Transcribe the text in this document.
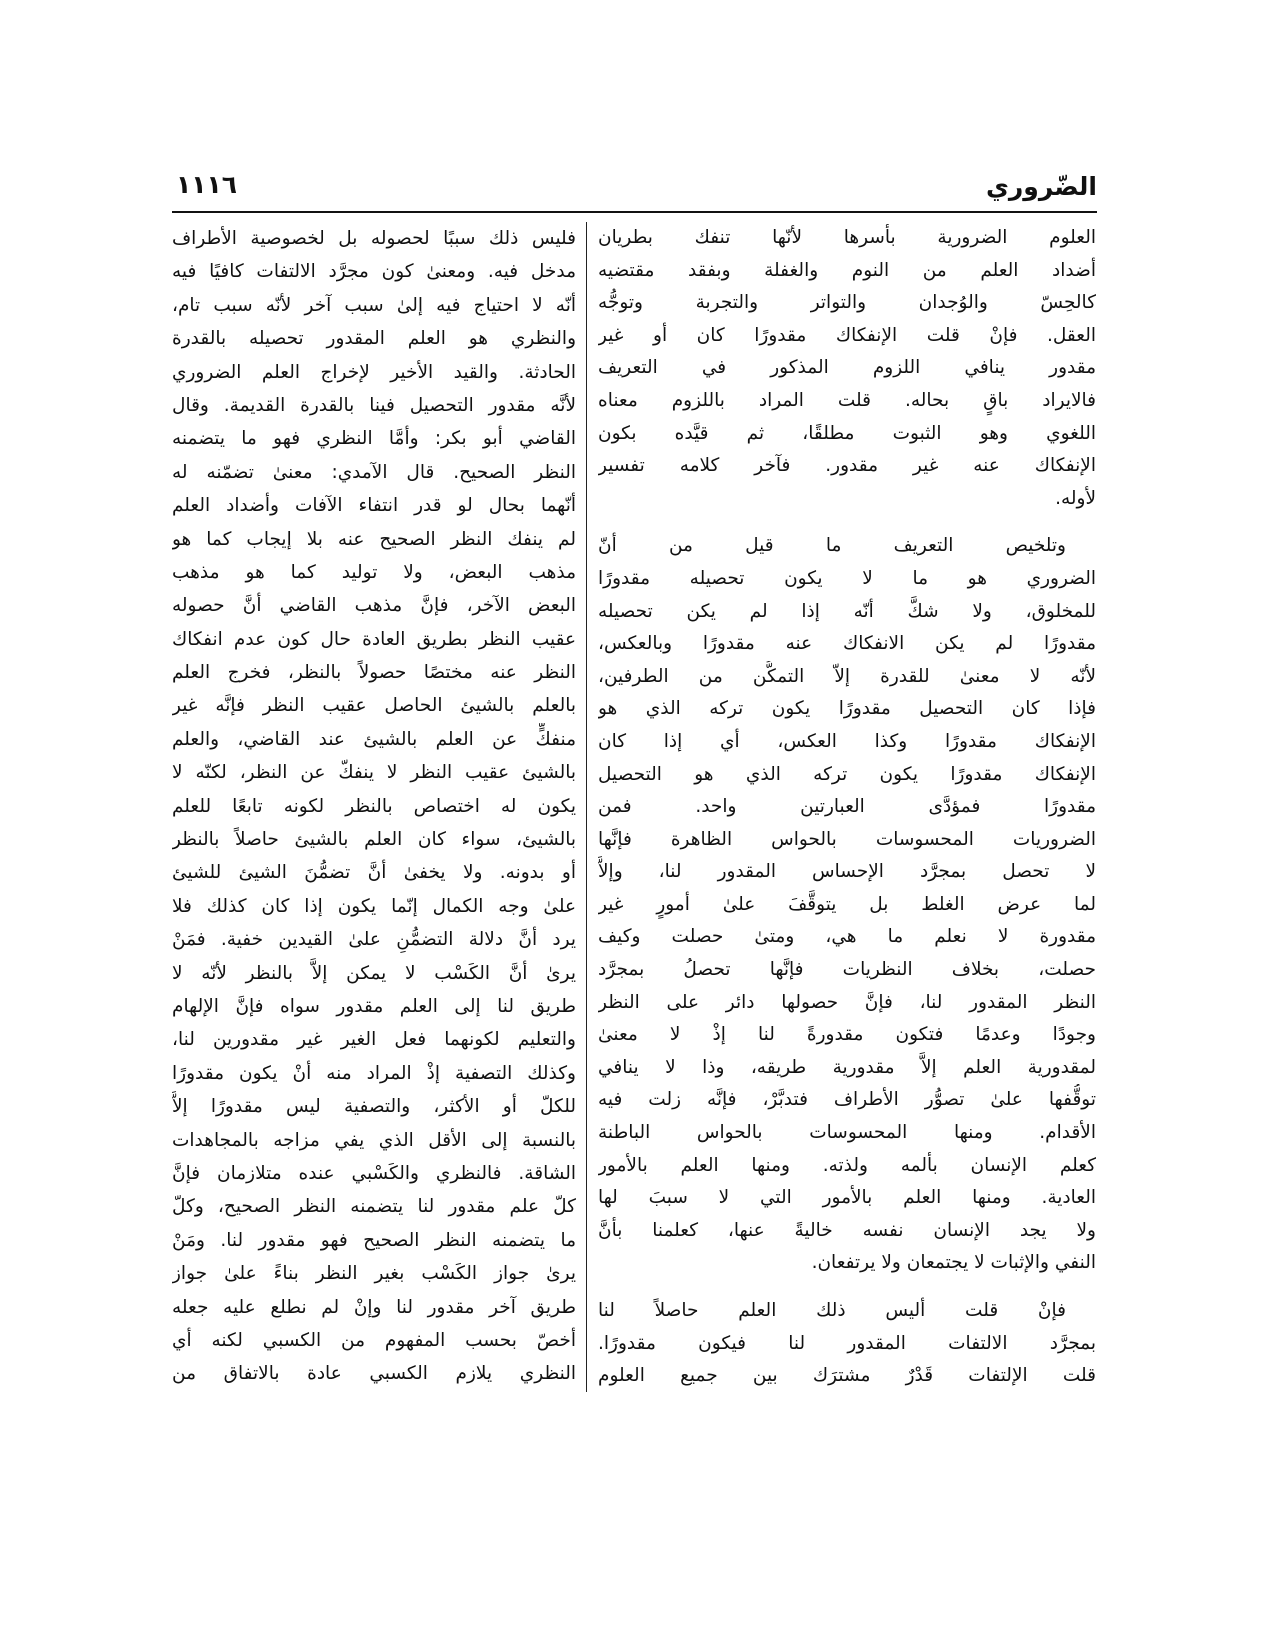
الضّروري
١١١٦
العلوم الضرورية بأسرها لأنّها تنفك بطريان
أضداد العلم من النوم والغفلة وبفقد مقتضيه
كالحِسّ والوُجدان والتواتر والتجربة وتوجُّه
العقل. فإنْ قلت الإنفكاك مقدورًا كان أو غير
مقدور ينافي اللزوم المذكور في التعريف
فالايراد باقٍ بحاله. قلت المراد باللزوم معناه
اللغوي وهو الثبوت مطلقًا، ثم قيَّده بكون
الإنفكاك عنه غير مقدور. فآخر كلامه تفسير
لأوله.
وتلخيص التعريف ما قيل من أنّ
الضروري هو ما لا يكون تحصيله مقدورًا
للمخلوق، ولا شكَّ أنّه إذا لم يكن تحصيله
مقدورًا لم يكن الانفكاك عنه مقدورًا وبالعكس،
لأنّه لا معنىٰ للقدرة إلاّ التمكُّن من الطرفين،
فإذا كان التحصيل مقدورًا يكون تركه الذي هو
الإنفكاك مقدورًا وكذا العكس، أي إذا كان
الإنفكاك مقدورًا يكون تركه الذي هو التحصيل
مقدورًا فمؤدَّى العبارتين واحد. فمن
الضروريات المحسوسات بالحواس الظاهرة فإنَّها
لا تحصل بمجرَّد الإحساس المقدور لنا، وإلاَّ
لما عرض الغلط بل يتوقَّفَ علىٰ أمورٍ غير
مقدورة لا نعلم ما هي، ومتىٰ حصلت وكيف
حصلت، بخلاف النظريات فإنَّها تحصلُ بمجرَّد
النظر المقدور لنا، فإنَّ حصولها دائر على النظر
وجودًا وعدمًا فتكون مقدورةً لنا إذْ لا معنىٰ
لمقدورية العلم إلاَّ مقدورية طريقه، وذا لا ينافي
توقُّفها علىٰ تصوُّر الأطراف فتدبَّرْ، فإنَّه زلت فيه
الأقدام. ومنها المحسوسات بالحواس الباطنة
كعلم الإنسان بألمه ولذته. ومنها العلم بالأمور
العادية. ومنها العلم بالأمور التي لا سببَ لها
ولا يجد الإنسان نفسه خاليةً عنها، كعلمنا بأنَّ
النفي والإثبات لا يجتمعان ولا يرتفعان.
فإنْ قلت أليس ذلك العلم حاصلاً لنا
بمجرَّد الالتفات المقدور لنا فيكون مقدورًا.
قلت الإلتفات قَدْرٌ مشترَك بين جميع العلوم
فليس ذلك سببًا لحصوله بل لخصوصية الأطراف
مدخل فيه. ومعنىٰ كون مجرَّد الالتفات كافيًا فيه
أنّه لا احتياج فيه إلىٰ سبب آخر لأنّه سبب تام،
والنظري هو العلم المقدور تحصيله بالقدرة
الحادثة. والقيد الأخير لإخراج العلم الضروري
لأنَّه مقدور التحصيل فينا بالقدرة القديمة. وقال
القاضي أبو بكر: وأمَّا النظري فهو ما يتضمنه
النظر الصحيح. قال الآمدي: معنىٰ تضمّنه له
أنّهما بحال لو قدر انتفاء الآفات وأضداد العلم
لم ينفك النظر الصحيح عنه بلا إيجاب كما هو
مذهب البعض، ولا توليد كما هو مذهب
البعض الآخر، فإنَّ مذهب القاضي أنَّ حصوله
عقيب النظر بطريق العادة حال كون عدم انفكاك
النظر عنه مختصًا حصولاً بالنظر، فخرج العلم
بالعلم بالشيئ الحاصل عقيب النظر فإنَّه غير
منفكٍّ عن العلم بالشيئ عند القاضي، والعلم
بالشيئ عقيب النظر لا ينفكّ عن النظر، لكنّه لا
يكون له اختصاص بالنظر لكونه تابعًا للعلم
بالشيئ، سواء كان العلم بالشيئ حاصلاً بالنظر
أو بدونه. ولا يخفىٰ أنَّ تضمُّنَ الشيئ للشيئ
علىٰ وجه الكمال إنّما يكون إذا كان كذلك فلا
يرد أنَّ دلالة التضمُّنِ علىٰ القيدين خفية. فمَنْ
يرىٰ أنَّ الكَسْب لا يمكن إلاَّ بالنظر لأنّه لا
طريق لنا إلى العلم مقدور سواه فإنَّ الإلهام
والتعليم لكونهما فعل الغير غير مقدورين لنا،
وكذلك التصفية إذْ المراد منه أنْ يكون مقدورًا
للكلّ أو الأكثر، والتصفية ليس مقدورًا إلاَّ
بالنسبة إلى الأقل الذي يفي مزاجه بالمجاهدات
الشاقة. فالنظري والكَسْبي عنده متلازمان فإنَّ
كلّ علم مقدور لنا يتضمنه النظر الصحيح، وكلّ
ما يتضمنه النظر الصحيح فهو مقدور لنا. ومَنْ
يرىٰ جواز الكَسْب بغير النظر بناءً علىٰ جواز
طريق آخر مقدور لنا وإنْ لم نطلع عليه جعله
أخصّ بحسب المفهوم من الكسبي لكنه أي
النظري يلازم الكسبي عادة بالاتفاق من
